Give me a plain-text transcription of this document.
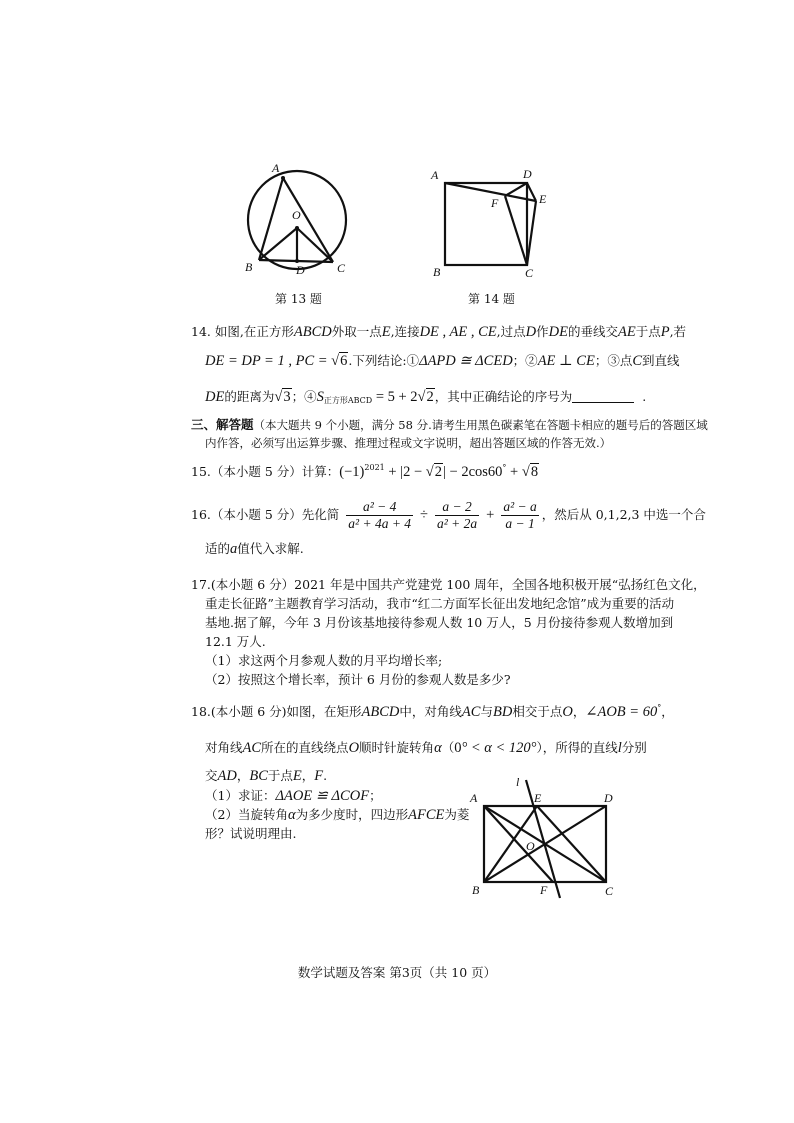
A
O
B	D	C
第 13 题
A	D
F	E
B	C
第 14 题
14. 如图,在正方形ABCD外取一点E,连接DE , AE , CE,过点D作DE的垂线交AE于点P,若
DE = DP = 1 , PC = √6.下列结论:①ΔAPD ≅ ΔCED；②AE ⊥ CE；③点C到直线
DE的距离为√3；$④S_{正方形ABCD} = 5 + 2√2$，其中正确结论的序号为	.
三、解答题（本大题共 9 个小题，满分 58 分.请考生用黑色碳素笔在答题卡相应的题号后的答题区域
内作答，必须写出运算步骤、推理过程或文字说明，超出答题区域的作答无效.）
15.（本小题 5 分）计算：$(-1)^{2021} + |2 - √2| - 2\cos 60^\circ + √8$
16.（本小题 5 分）先化简 $\frac{\text{a² − 4}}{\text{a² + 4a + 4}} \div \frac{a - 2}{\text{a² + 2a}} + \frac{\text{a² − a}}{a - 1}$ ，然后从 0,1,2,3 中选一个合
适的a值代入求解.
17.(本小题 6 分）2021 年是中国共产党建党 100 周年，全国各地积极开展“弘扬红色文化，
重走长征路”主题教育学习活动，我市“红二方面军长征出发地纪念馆”成为重要的活动
基地.据了解，今年 3 月份该基地接待参观人数 10 万人，5 月份接待参观人数增加到
12.1 万人.
（1）求这两个月参观人数的月平均增长率;
（2）按照这个增长率，预计 6 月份的参观人数是多少?
18.(本小题 6 分)如图，在矩形ABCD中，对角线AC与BD相交于点O，∠AOB = 60°，
对角线AC所在的直线绕点O顺时针旋转角α（0° < α < 120°），所得的直线l分别
交AD，BC于点E，F.
（1）求证：ΔAOE ≌ ΔCOF；
（2）当旋转角α为多少度时，四边形AFCE为菱
形？试说明理由.
l
A	E	D
O
B	F	C
数学试题及答案 第3页（共 10 页）
